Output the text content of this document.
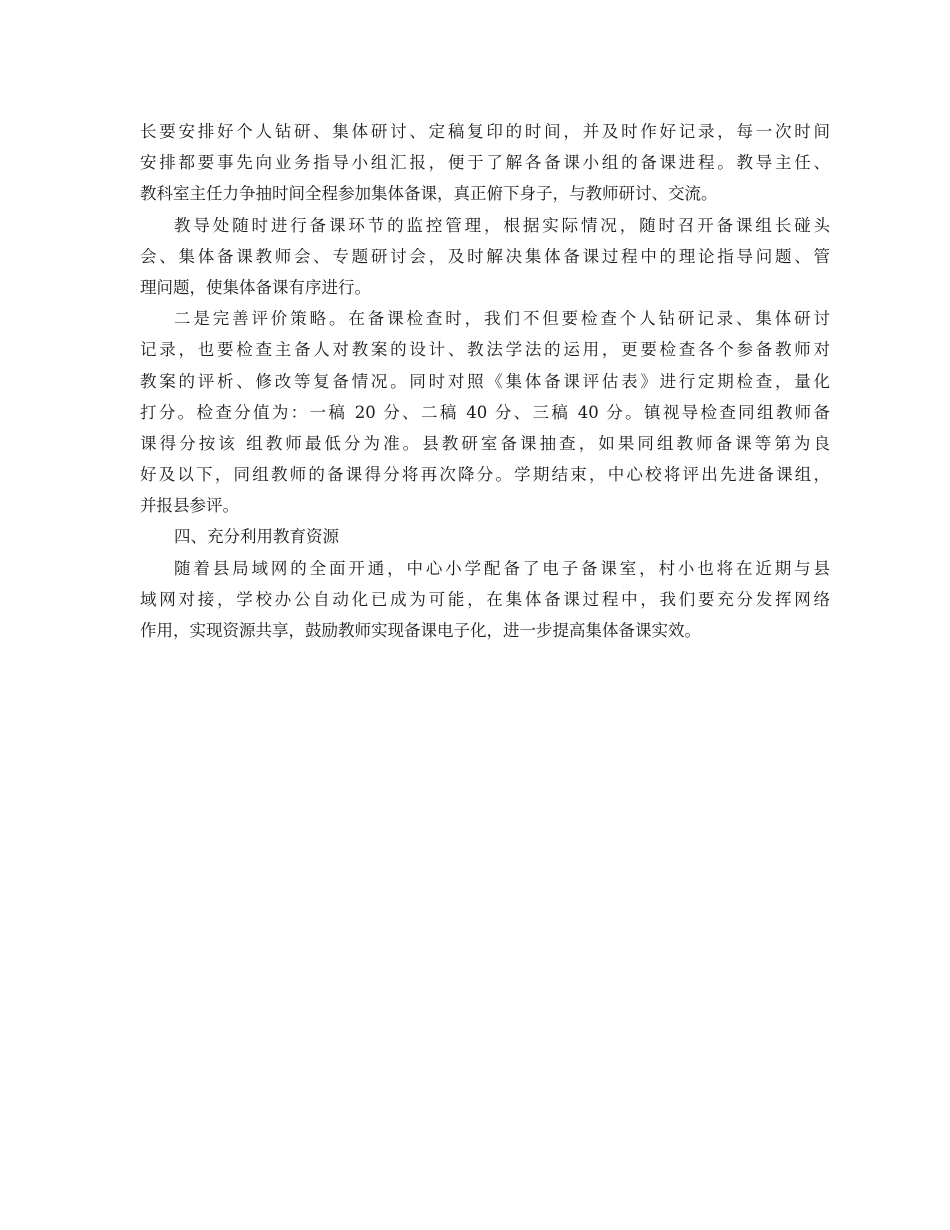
长要安排好个人钻研、集体研讨、定稿复印的时间，并及时作好记录，每一次时间
安排都要事先向业务指导小组汇报，便于了解各备课小组的备课进程。教导主任、
教科室主任力争抽时间全程参加集体备课，真正俯下身子，与教师研讨、交流。
教导处随时进行备课环节的监控管理，根据实际情况，随时召开备课组长碰头
会、集体备课教师会、专题研讨会，及时解决集体备课过程中的理论指导问题、管
理问题，使集体备课有序进行。
二是完善评价策略。在备课检查时，我们不但要检查个人钻研记录、集体研讨
记录，也要检查主备人对教案的设计、教法学法的运用，更要检查各个参备教师对
教案的评析、修改等复备情况。同时对照《集体备课评估表》进行定期检查，量化
打分。检查分值为：一稿 20 分、二稿 40 分、三稿 40 分。镇视导检查同组教师备
课得分按该 组教师最低分为准。县教研室备课抽查，如果同组教师备课等第为良
好及以下，同组教师的备课得分将再次降分。学期结束，中心校将评出先进备课组，
并报县参评。
四、充分利用教育资源
随着县局域网的全面开通，中心小学配备了电子备课室，村小也将在近期与县
域网对接，学校办公自动化已成为可能，在集体备课过程中，我们要充分发挥网络
作用，实现资源共享，鼓励教师实现备课电子化，进一步提高集体备课实效。
